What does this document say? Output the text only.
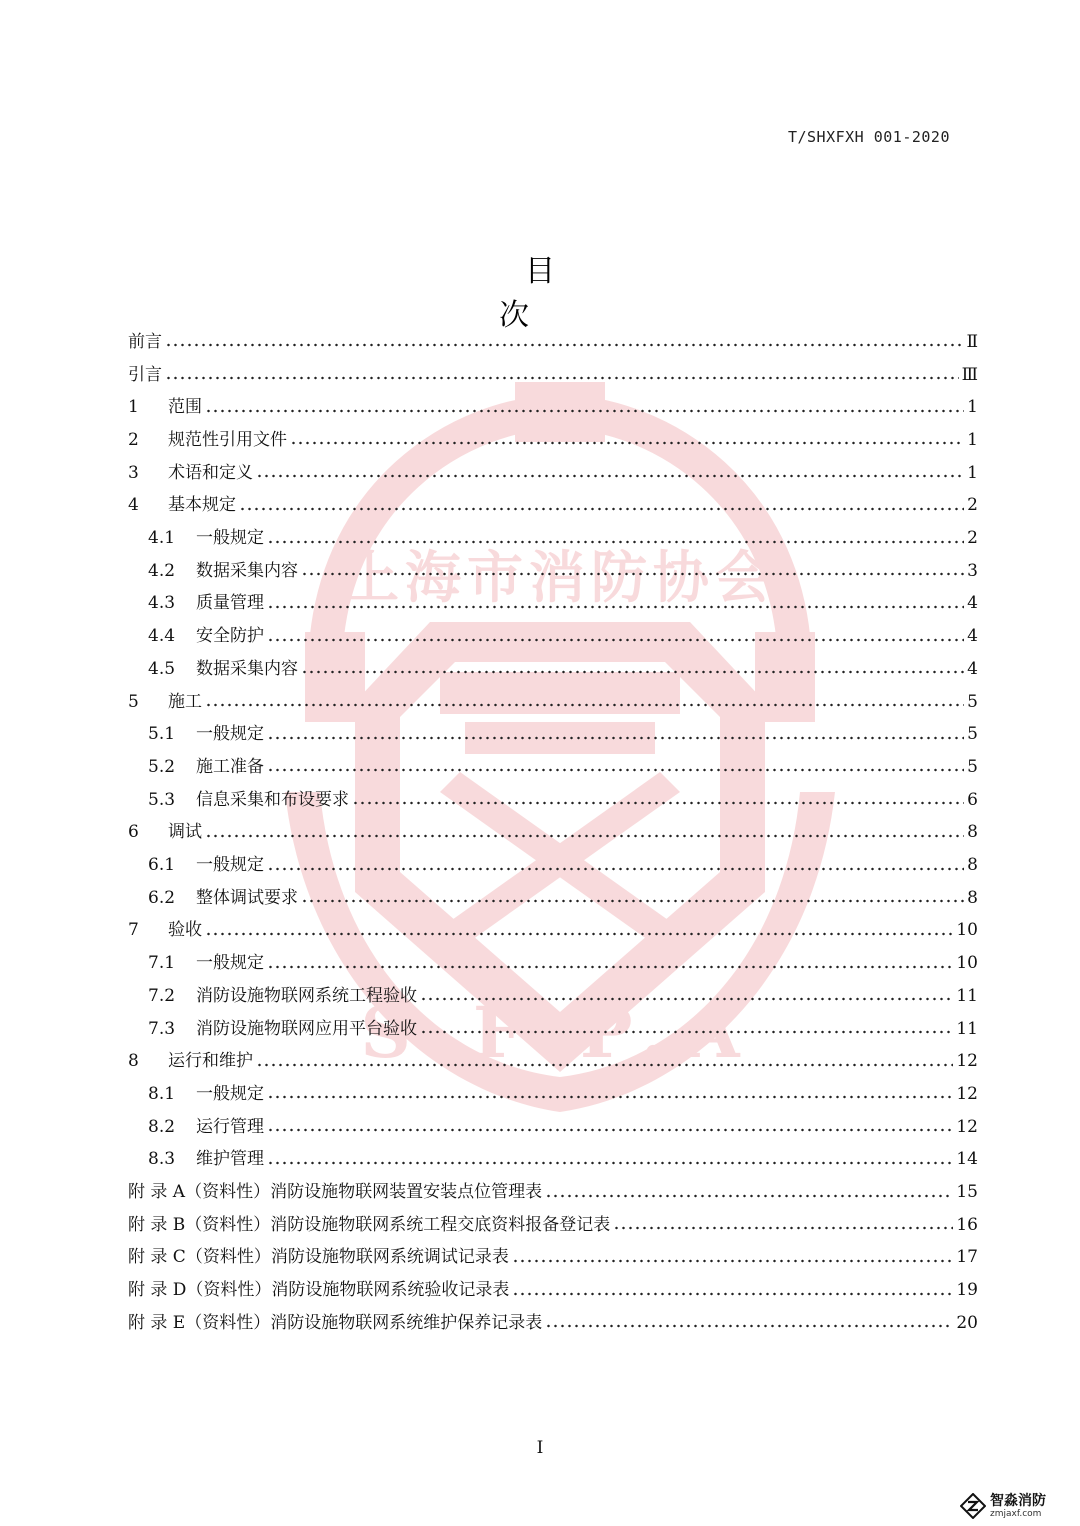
S.F.P.A
上海市消防协会
T/SHXFXH 001-2020
目　　次
前言	Ⅱ
引言	Ⅲ
1	范围	1
2	规范性引用文件	1
3	术语和定义	1
4	基本规定	2
4.1	一般规定	2
4.2	数据采集内容	3
4.3	质量管理	4
4.4	安全防护	4
4.5	数据采集内容	4
5	施工	5
5.1	一般规定	5
5.2	施工准备	5
5.3	信息采集和布设要求	6
6	调试	8
6.1	一般规定	8
6.2	整体调试要求	8
7	验收	10
7.1	一般规定	10
7.2	消防设施物联网系统工程验收	11
7.3	消防设施物联网应用平台验收	11
8	运行和维护	12
8.1	一般规定	12
8.2	运行管理	12
8.3	维护管理	14
附 录 A（资料性）消防设施物联网装置安装点位管理表	15
附 录 B（资料性）消防设施物联网系统工程交底资料报备登记表	16
附 录 C（资料性）消防设施物联网系统调试记录表	17
附 录 D（资料性）消防设施物联网系统验收记录表	19
附 录 E（资料性）消防设施物联网系统维护保养记录表	20
I
智淼消防
zmjaxf.com
